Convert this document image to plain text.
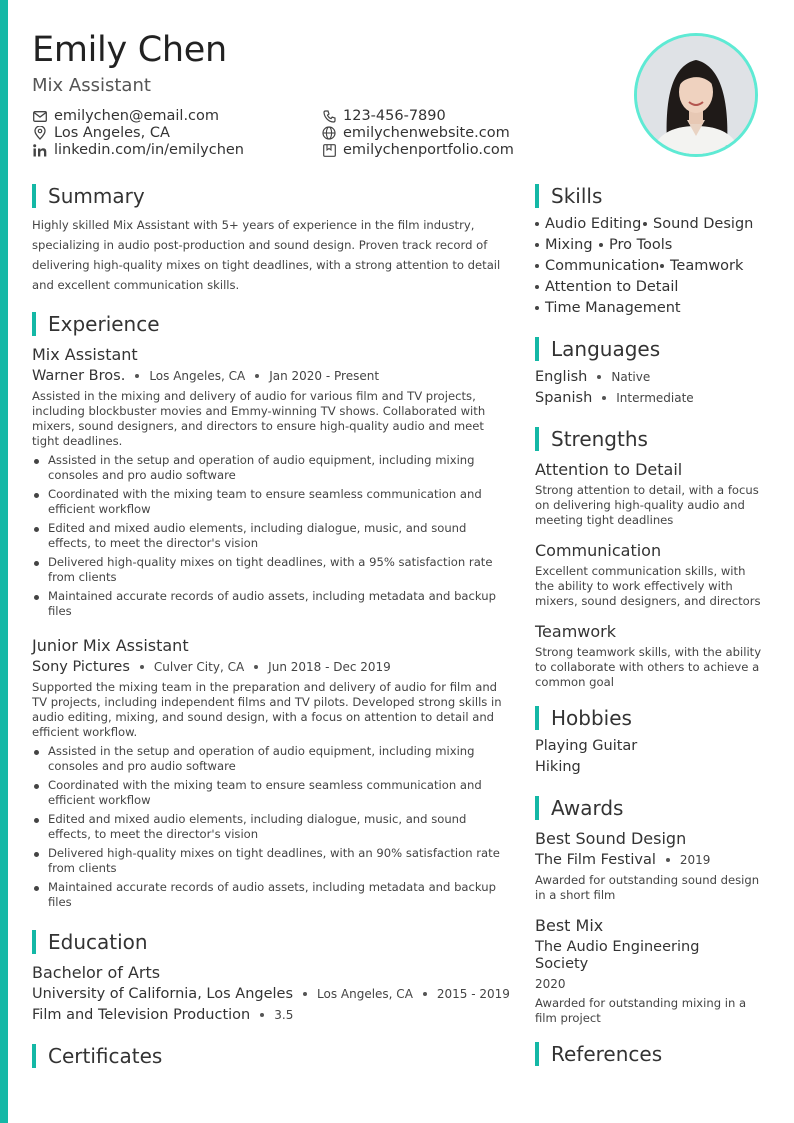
Emily Chen
Mix Assistant
emilychen@email.com
Los Angeles, CA
linkedin.com/in/emilychen
123-456-7890
emilychenwebsite.com
emilychenportfolio.com
Summary
Highly skilled Mix Assistant with 5+ years of experience in the film industry, specializing in audio post-production and sound design. Proven track record of delivering high-quality mixes on tight deadlines, with a strong attention to detail and excellent communication skills.
Experience
Mix Assistant
Warner Bros. Los Angeles, CA Jan 2020 - Present
Assisted in the mixing and delivery of audio for various film and TV projects, including blockbuster movies and Emmy-winning TV shows. Collaborated with mixers, sound designers, and directors to ensure high-quality audio and meet tight deadlines.
Assisted in the setup and operation of audio equipment, including mixing consoles and pro audio software
Coordinated with the mixing team to ensure seamless communication and efficient workflow
Edited and mixed audio elements, including dialogue, music, and sound effects, to meet the director's vision
Delivered high-quality mixes on tight deadlines, with a 95% satisfaction rate from clients
Maintained accurate records of audio assets, including metadata and backup files
Junior Mix Assistant
Sony Pictures Culver City, CA Jun 2018 - Dec 2019
Supported the mixing team in the preparation and delivery of audio for film and TV projects, including independent films and TV pilots. Developed strong skills in audio editing, mixing, and sound design, with a focus on attention to detail and efficient workflow.
Assisted in the setup and operation of audio equipment, including mixing consoles and pro audio software
Coordinated with the mixing team to ensure seamless communication and efficient workflow
Edited and mixed audio elements, including dialogue, music, and sound effects, to meet the director's vision
Delivered high-quality mixes on tight deadlines, with an 90% satisfaction rate from clients
Maintained accurate records of audio assets, including metadata and backup files
Education
Bachelor of Arts
University of California, Los Angeles Los Angeles, CA 2015 - 2019
Film and Television Production 3.5
Certificates
Skills
Audio Editing Sound Design
Mixing	Pro Tools
Communication Teamwork
Attention to Detail
Time Management
Languages
English Native
Spanish Intermediate
Strengths
Attention to Detail
Strong attention to detail, with a focus on delivering high-quality audio and meeting tight deadlines
Communication
Excellent communication skills, with the ability to work effectively with mixers, sound designers, and directors
Teamwork
Strong teamwork skills, with the ability to collaborate with others to achieve a common goal
Hobbies
Playing Guitar
Hiking
Awards
Best Sound Design
The Film Festival 2019
Awarded for outstanding sound design in a short film
Best Mix
The Audio Engineering Society
2020
Awarded for outstanding mixing in a film project
References
